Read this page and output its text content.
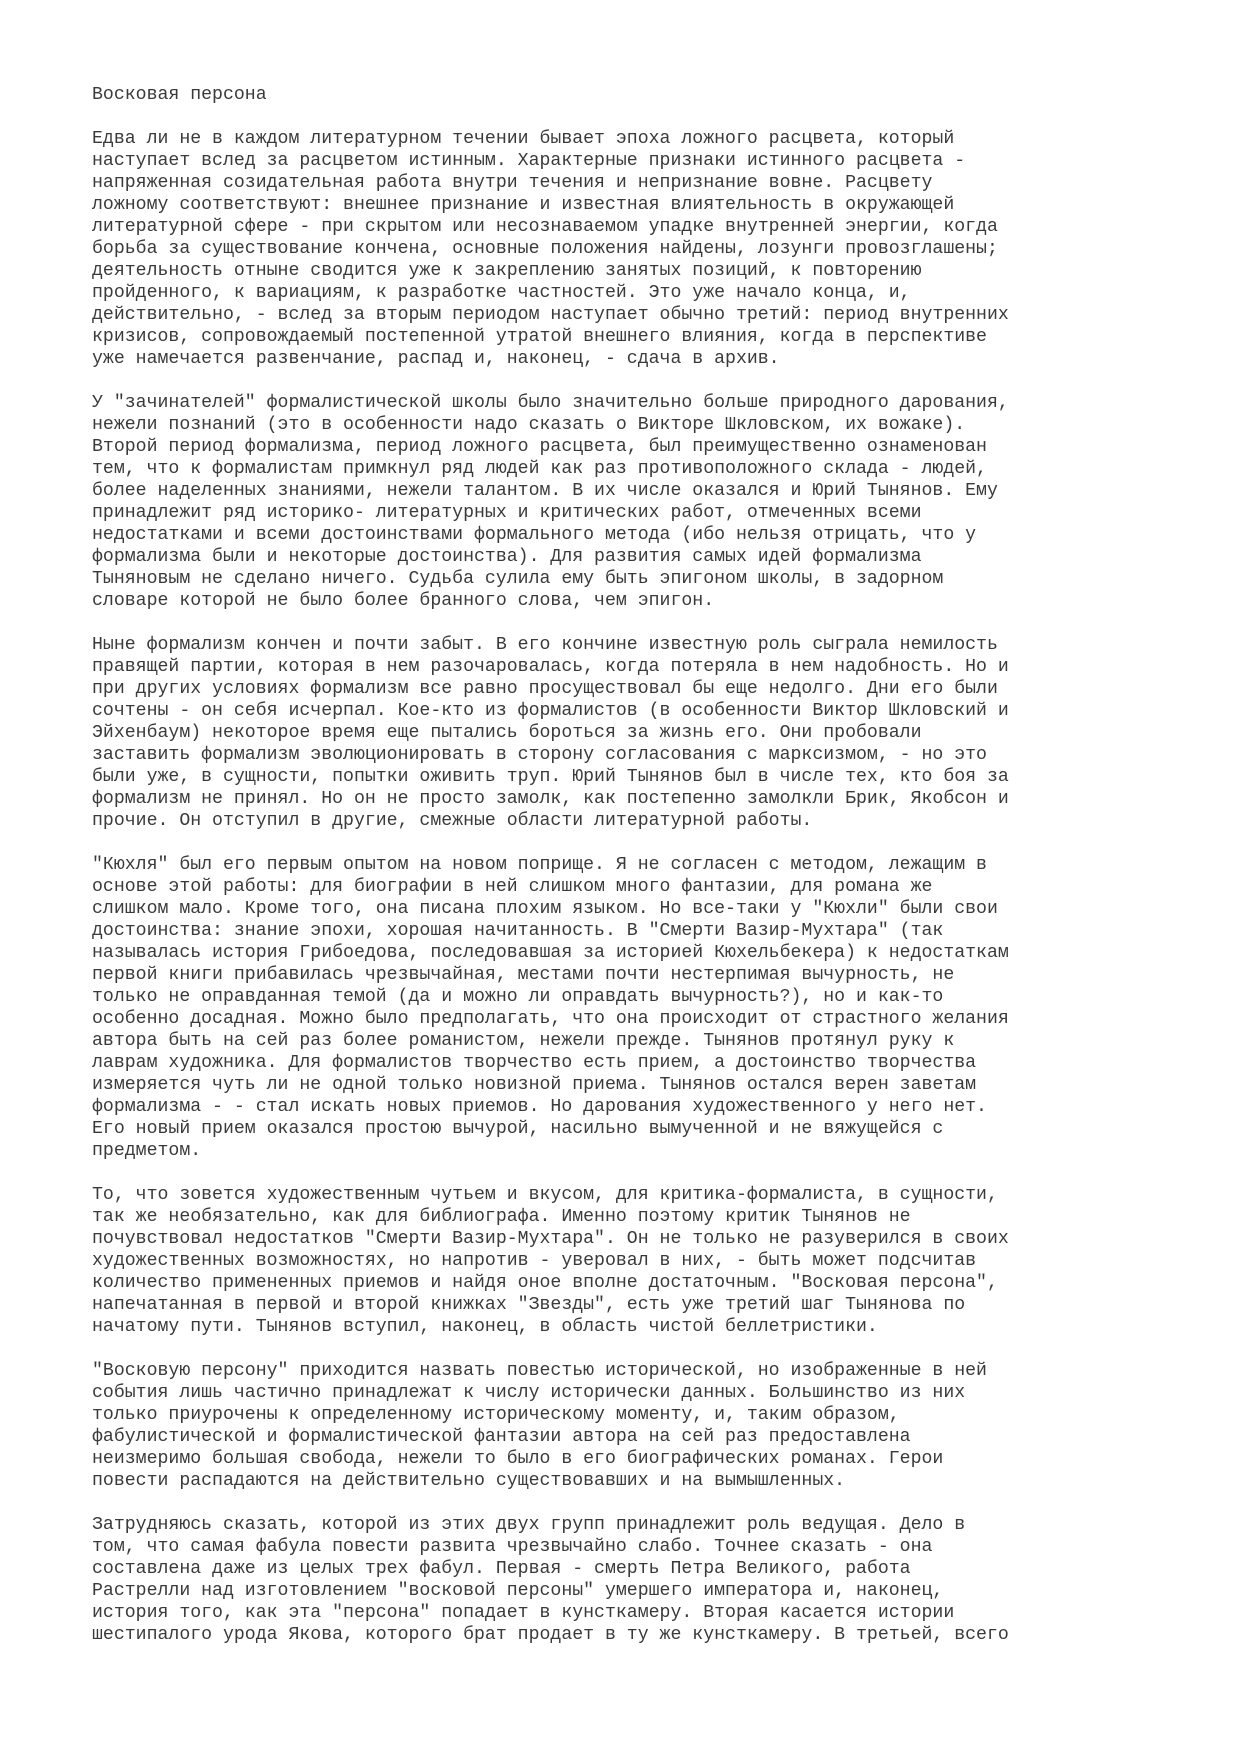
Восковая персона
Едва ли не в каждом литературном течении бывает эпоха ложного расцвета, который
наступает вслед за расцветом истинным. Характерные признаки истинного расцвета -
напряженная созидательная работа внутри течения и непризнание вовне. Расцвету
ложному соответствуют: внешнее признание и известная влиятельность в окружающей
литературной сфере - при скрытом или несознаваемом упадке внутренней энергии, когда
борьба за существование кончена, основные положения найдены, лозунги провозглашены;
деятельность отныне сводится уже к закреплению занятых позиций, к повторению
пройденного, к вариациям, к разработке частностей. Это уже начало конца, и,
действительно, - вслед за вторым периодом наступает обычно третий: период внутренних
кризисов, сопровождаемый постепенной утратой внешнего влияния, когда в перспективе
уже намечается развенчание, распад и, наконец, - сдача в архив.
У "зачинателей" формалистической школы было значительно больше природного дарования,
нежели познаний (это в особенности надо сказать о Викторе Шкловском, их вожаке).
Второй период формализма, период ложного расцвета, был преимущественно ознаменован
тем, что к формалистам примкнул ряд людей как раз противоположного склада - людей,
более наделенных знаниями, нежели талантом. В их числе оказался и Юрий Тынянов. Ему
принадлежит ряд историко- литературных и критических работ, отмеченных всеми
недостатками и всеми достоинствами формального метода (ибо нельзя отрицать, что у
формализма были и некоторые достоинства). Для развития самых идей формализма
Тыняновым не сделано ничего. Судьба сулила ему быть эпигоном школы, в задорном
словаре которой не было более бранного слова, чем эпигон.
Ныне формализм кончен и почти забыт. В его кончине известную роль сыграла немилость
правящей партии, которая в нем разочаровалась, когда потеряла в нем надобность. Но и
при других условиях формализм все равно просуществовал бы еще недолго. Дни его были
сочтены - он себя исчерпал. Кое-кто из формалистов (в особенности Виктор Шкловский и
Эйхенбаум) некоторое время еще пытались бороться за жизнь его. Они пробовали
заставить формализм эволюционировать в сторону согласования с марксизмом, - но это
были уже, в сущности, попытки оживить труп. Юрий Тынянов был в числе тех, кто боя за
формализм не принял. Но он не просто замолк, как постепенно замолкли Брик, Якобсон и
прочие. Он отступил в другие, смежные области литературной работы.
"Кюхля" был его первым опытом на новом поприще. Я не согласен с методом, лежащим в
основе этой работы: для биографии в ней слишком много фантазии, для романа же
слишком мало. Кроме того, она писана плохим языком. Но все-таки у "Кюхли" были свои
достоинства: знание эпохи, хорошая начитанность. В "Смерти Вазир-Мухтара" (так
называлась история Грибоедова, последовавшая за историей Кюхельбекера) к недостаткам
первой книги прибавилась чрезвычайная, местами почти нестерпимая вычурность, не
только не оправданная темой (да и можно ли оправдать вычурность?), но и как-то
особенно досадная. Можно было предполагать, что она происходит от страстного желания
автора быть на сей раз более романистом, нежели прежде. Тынянов протянул руку к
лаврам художника. Для формалистов творчество есть прием, а достоинство творчества
измеряется чуть ли не одной только новизной приема. Тынянов остался верен заветам
формализма - - стал искать новых приемов. Но дарования художественного у него нет.
Его новый прием оказался простою вычурой, насильно вымученной и не вяжущейся с
предметом.
То, что зовется художественным чутьем и вкусом, для критика-формалиста, в сущности,
так же необязательно, как для библиографа. Именно поэтому критик Тынянов не
почувствовал недостатков "Смерти Вазир-Мухтара". Он не только не разуверился в своих
художественных возможностях, но напротив - уверовал в них, - быть может подсчитав
количество примененных приемов и найдя оное вполне достаточным. "Восковая персона",
напечатанная в первой и второй книжках "Звезды", есть уже третий шаг Тынянова по
начатому пути. Тынянов вступил, наконец, в область чистой беллетристики.
"Восковую персону" приходится назвать повестью исторической, но изображенные в ней
события лишь частично принадлежат к числу исторически данных. Большинство из них
только приурочены к определенному историческому моменту, и, таким образом,
фабулистической и формалистической фантазии автора на сей раз предоставлена
неизмеримо большая свобода, нежели то было в его биографических романах. Герои
повести распадаются на действительно существовавших и на вымышленных.
Затрудняюсь сказать, которой из этих двух групп принадлежит роль ведущая. Дело в
том, что самая фабула повести развита чрезвычайно слабо. Точнее сказать - она
составлена даже из целых трех фабул. Первая - смерть Петра Великого, работа
Растрелли над изготовлением "восковой персоны" умершего императора и, наконец,
история того, как эта "персона" попадает в кунсткамеру. Вторая касается истории
шестипалого урода Якова, которого брат продает в ту же кунсткамеру. В третьей, всего
